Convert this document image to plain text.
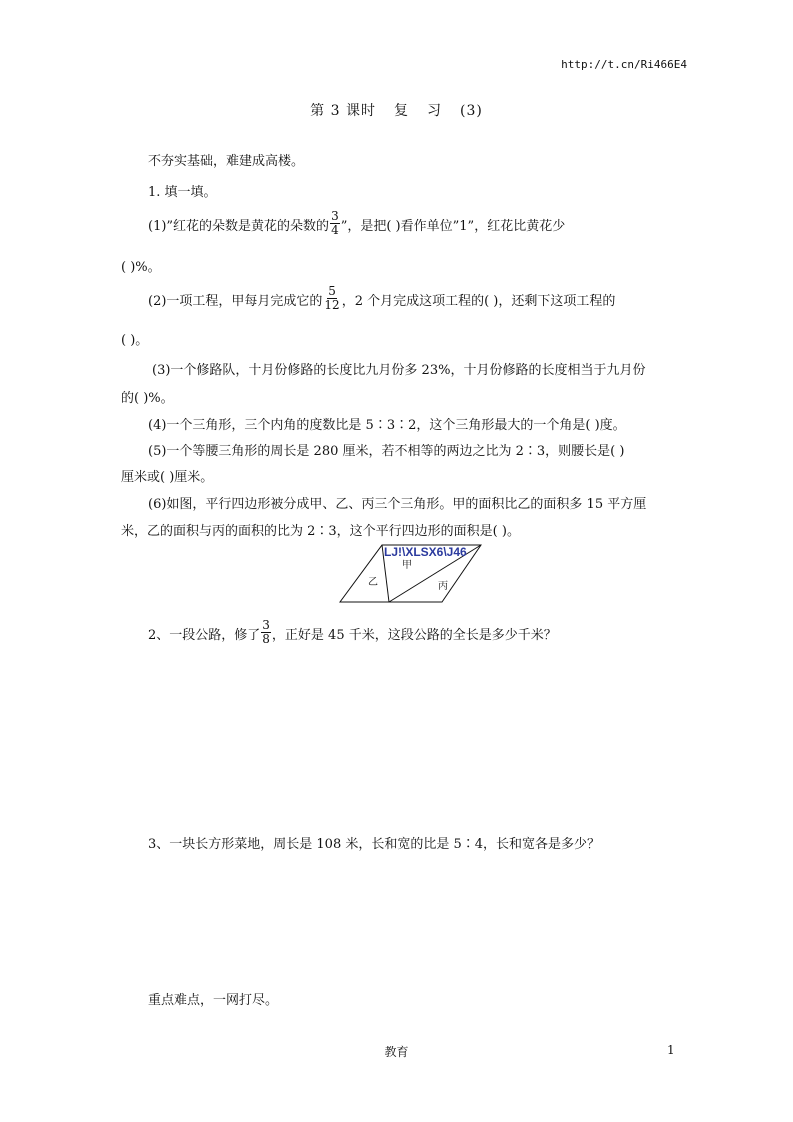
http://t.cn/Ri466E4
第 3 课时 复 习 (3)
不夯实基础，难建成高楼。
1. 填一填。
(1)”红花的朵数是黄花的朵数的 $\frac{3}{4}$ ”，是把( )看作单位”1”，红花比黄花少
( )%。
(2)一项工程，甲每月完成它的 $\frac{5}{12}$ ，2 个月完成这项工程的( )，还剩下这项工程的
( )。
(3)一个修路队，十月份修路的长度比九月份多 23%，十月份修路的长度相当于九月份
的( )%。
(4)一个三角形，三个内角的度数比是 5∶3∶2，这个三角形最大的一个角是( )度。
(5)一个等腰三角形的周长是 280 厘米，若不相等的两边之比为 2∶3，则腰长是( )
厘米或( )厘米。
(6)如图，平行四边形被分成甲、乙、丙三个三角形。甲的面积比乙的面积多 15 平方厘
米，乙的面积与丙的面积的比为 2∶3，这个平行四边形的面积是( )。
LJ!\XLSX6\J46
甲
乙	丙
2、一段公路，修了 $\frac{3}{8}$ ，正好是 45 千米，这段公路的全长是多少千米？
3、一块长方形菜地，周长是 108 米，长和宽的比是 5∶4，长和宽各是多少？
重点难点，一网打尽。
教育	1
